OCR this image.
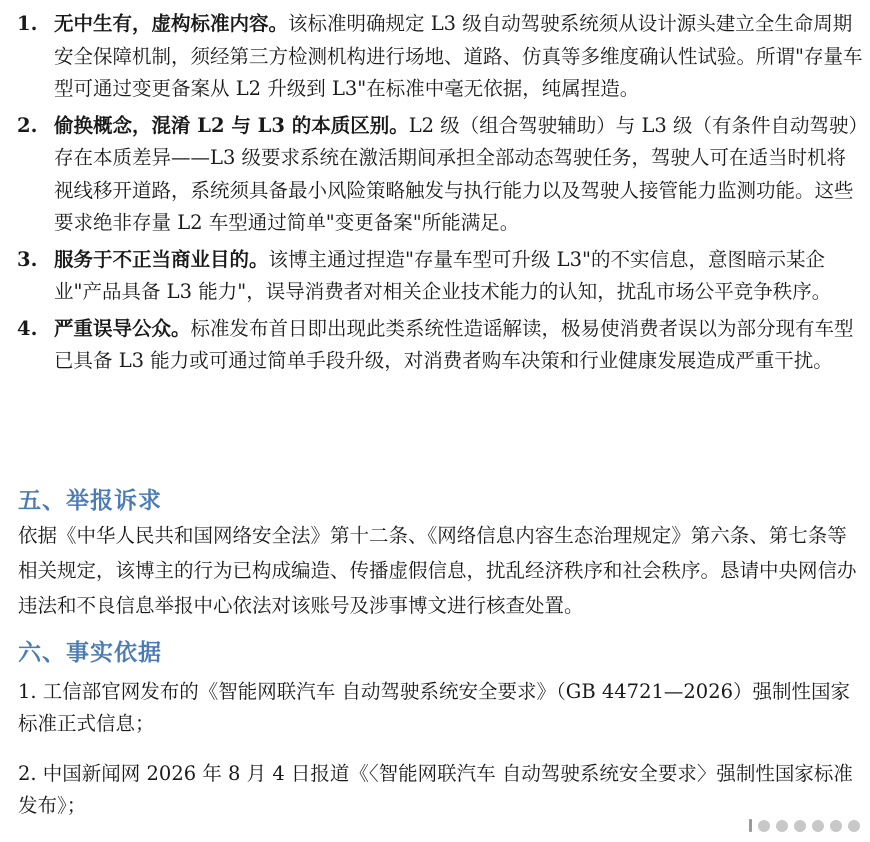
1. 无中生有，虚构标准内容。该标准明确规定 L3 级自动驾驶系统须从设计源头建立全生命周期安全保障机制，须经第三方检测机构进行场地、道路、仿真等多维度确认性试验。所谓"存量车型可通过变更备案从 L2 升级到 L3"在标准中毫无依据，纯属捏造。
2. 偷换概念，混淆 L2 与 L3 的本质区别。L2 级（组合驾驶辅助）与 L3 级（有条件自动驾驶）存在本质差异——L3 级要求系统在激活期间承担全部动态驾驶任务，驾驶人可在适当时机将视线移开道路，系统须具备最小风险策略触发与执行能力以及驾驶人接管能力监测功能。这些要求绝非存量 L2 车型通过简单"变更备案"所能满足。
3. 服务于不正当商业目的。该博主通过捏造"存量车型可升级 L3"的不实信息，意图暗示某企业"产品具备 L3 能力"，误导消费者对相关企业技术能力的认知，扰乱市场公平竞争秩序。
4. 严重误导公众。标准发布首日即出现此类系统性造谣解读，极易使消费者误以为部分现有车型已具备 L3 能力或可通过简单手段升级，对消费者购车决策和行业健康发展造成严重干扰。
五、举报诉求

依据《中华人民共和国网络安全法》第十二条、《网络信息内容生态治理规定》第六条、第七条等相关规定，该博主的行为已构成编造、传播虚假信息，扰乱经济秩序和社会秩序。恳请中央网信办违法和不良信息举报中心依法对该账号及涉事博文进行核查处置。

六、事实依据

1. 工信部官网发布的《智能网联汽车 自动驾驶系统安全要求》（GB 44721—2026）强制性国家标准正式信息；

2. 中国新闻网 2026 年 8 月 4 日报道《〈智能网联汽车 自动驾驶系统安全要求〉强制性国家标准发布》；
